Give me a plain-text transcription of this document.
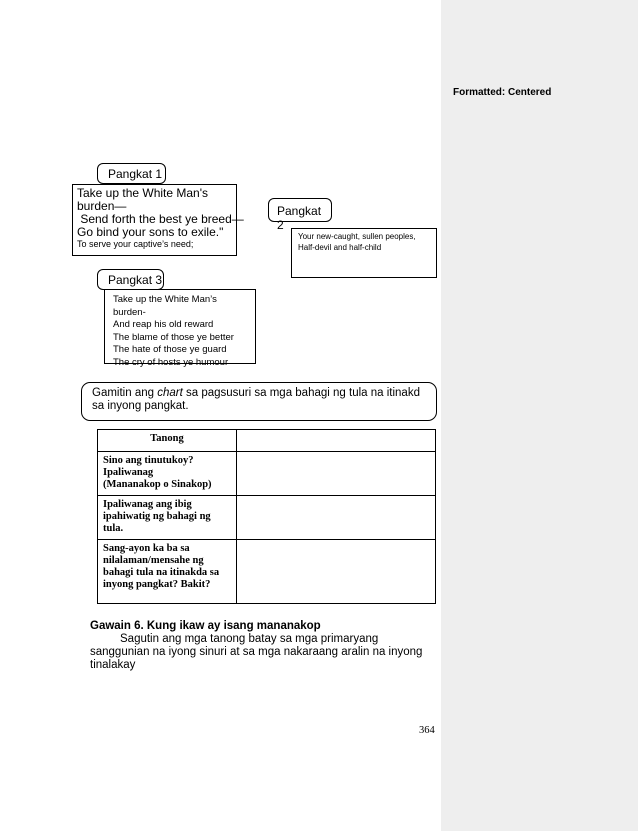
Formatted: Centered
Take up the White Man's
burden—
Send forth the best ye breed—
Go bind your sons to exile."
To serve your captive’s need;
Pangkat 1
Your new-caught, sullen peoples,
Half-devil and half-child
Pangkat 2
Take up the White Man’s burden-
And reap his old reward
The blame of those ye better
The hate of those ye guard
The cry of hosts ye humour
Pangkat 3
Gamitin ang chart sa pagsusuri sa mga bahagi ng tula na itinakd sa inyong pangkat.
Tanong	

Sino ang tinutukoy?
Ipaliwanag
(Mananakop o Sinakop)	

Ipaliwanag ang ibig
ipahiwatig ng bahagi ng tula.	

Sang-ayon ka ba sa
nilalaman/mensahe ng
bahagi tula na itinakda sa
inyong pangkat? Bakit?	

Gawain 6. Kung ikaw ay isang mananakop
Sagutin ang mga tanong batay sa mga primaryang sanggunian na iyong sinuri at sa mga nakaraang aralin na inyong tinalakay
364
